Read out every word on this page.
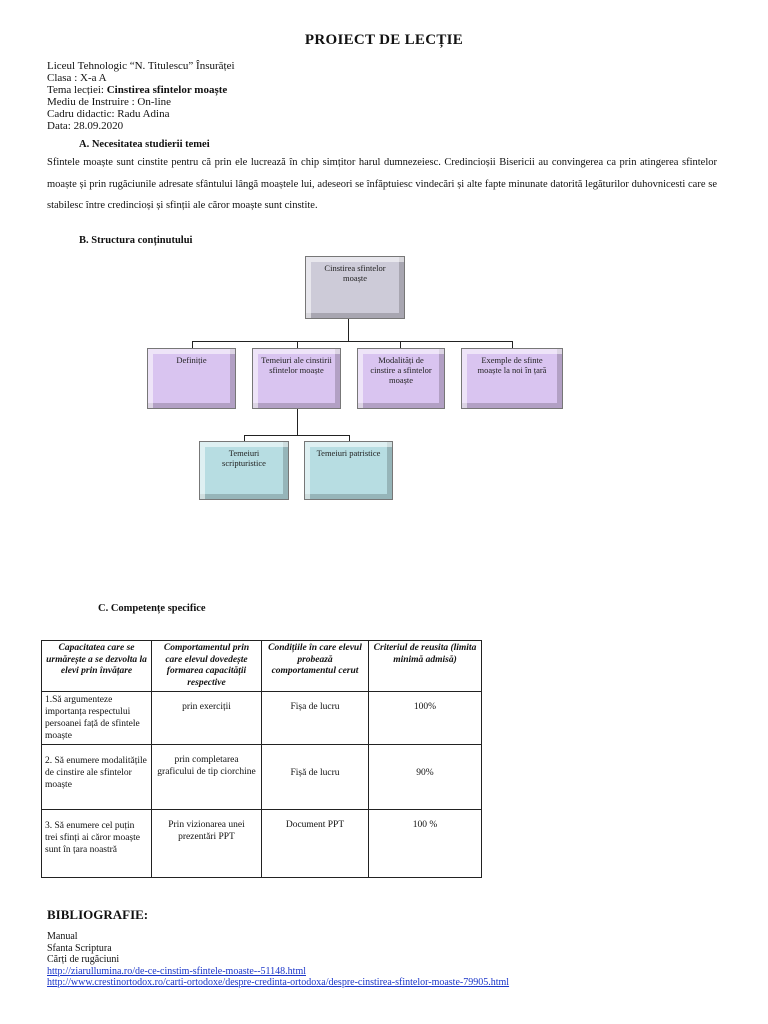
PROIECT DE LECȚIE
Liceul Tehnologic “N. Titulescu” Însurăței
Clasa : X-a A
Tema lecției: Cinstirea sfintelor moaște
Mediu de Instruire : On-line
Cadru didactic: Radu Adina
Data: 28.09.2020
A. Necesitatea studierii temei
Sfintele moaște sunt cinstite pentru că prin ele lucrează în chip simțitor harul dumnezeiesc. Credincioșii Bisericii au convingerea ca prin atingerea sfintelor moaște și prin rugăciunile adresate sfântului lângă moaștele lui, adeseori se înfăptuiesc vindecări și alte fapte minunate datorită legăturilor duhovnicesti care se stabilesc între credincioși și sfinții ale căror moaște sunt cinstite.
B. Structura conținutului
Cinstirea sfintelor moaște
Definiție	Temeiuri ale cinstirii sfintelor moaște
Modalități de cinstire a sfintelor moaște
Exemple de sfinte moaște la noi în țară
Temeiuri scripturistice
Temeiuri patristice
C. Competențe specifice
Capacitatea care se urmărește a se dezvolta la elevi prin învățare	Comportamentul prin care elevul dovedește formarea capacității respective	Condițiile în care elevul probează comportamentul cerut	Criteriul de reusita (limita minimă admisă)
1.Să argumenteze importanța respectului persoanei față de sfintele moaște	prin exerciții	Fișa de lucru	100%
2. Să enumere modalitățile de cinstire ale sfintelor moaște	prin completarea graficului de tip ciorchine	Fișă de lucru	90%
3. Să enumere cel puțin trei sfinți ai căror moaște sunt în țara noastră	Prin vizionarea unei prezentări PPT	Document PPT	100 %
BIBLIOGRAFIE:
Manual
Sfanta Scriptura
Cărți de rugăciuni
http://ziarullumina.ro/de-ce-cinstim-sfintele-moaste--51148.html
http://www.crestinortodox.ro/carti-ortodoxe/despre-credinta-ortodoxa/despre-cinstirea-sfintelor-moaste-79905.html
